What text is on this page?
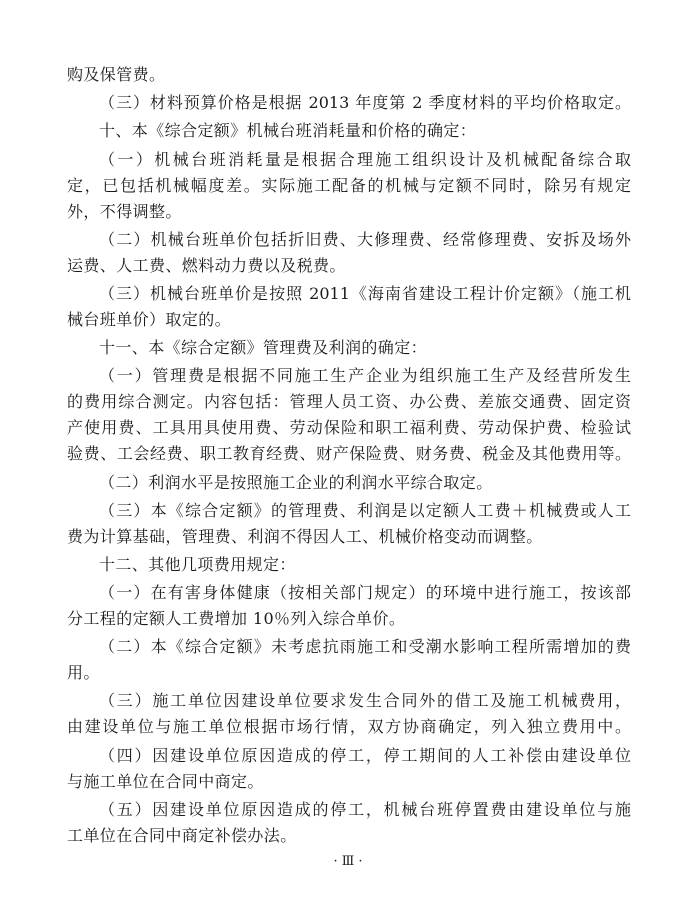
购及保管费。
（三）材料预算价格是根据 2013 年度第 2 季度材料的平均价格取定。
十、本《综合定额》机械台班消耗量和价格的确定：
（一）机械台班消耗量是根据合理施工组织设计及机械配备综合取
定，已包括机械幅度差。实际施工配备的机械与定额不同时，除另有规定
外，不得调整。
（二）机械台班单价包括折旧费、大修理费、经常修理费、安拆及场外
运费、人工费、燃料动力费以及税费。
（三）机械台班单价是按照 2011《海南省建设工程计价定额》（施工机
械台班单价）取定的。
十一、本《综合定额》管理费及利润的确定：
（一）管理费是根据不同施工生产企业为组织施工生产及经营所发生
的费用综合测定。内容包括：管理人员工资、办公费、差旅交通费、固定资
产使用费、工具用具使用费、劳动保险和职工福利费、劳动保护费、检验试
验费、工会经费、职工教育经费、财产保险费、财务费、税金及其他费用等。
（二）利润水平是按照施工企业的利润水平综合取定。
（三）本《综合定额》的管理费、利润是以定额人工费＋机械费或人工
费为计算基础，管理费、利润不得因人工、机械价格变动而调整。
十二、其他几项费用规定：
（一）在有害身体健康（按相关部门规定）的环境中进行施工，按该部
分工程的定额人工费增加 10％列入综合单价。
（二）本《综合定额》未考虑抗雨施工和受潮水影响工程所需增加的费
用。
（三）施工单位因建设单位要求发生合同外的借工及施工机械费用，
由建设单位与施工单位根据市场行情，双方协商确定，列入独立费用中。
（四）因建设单位原因造成的停工，停工期间的人工补偿由建设单位
与施工单位在合同中商定。
（五）因建设单位原因造成的停工，机械台班停置费由建设单位与施
工单位在合同中商定补偿办法。
· Ⅲ ·
